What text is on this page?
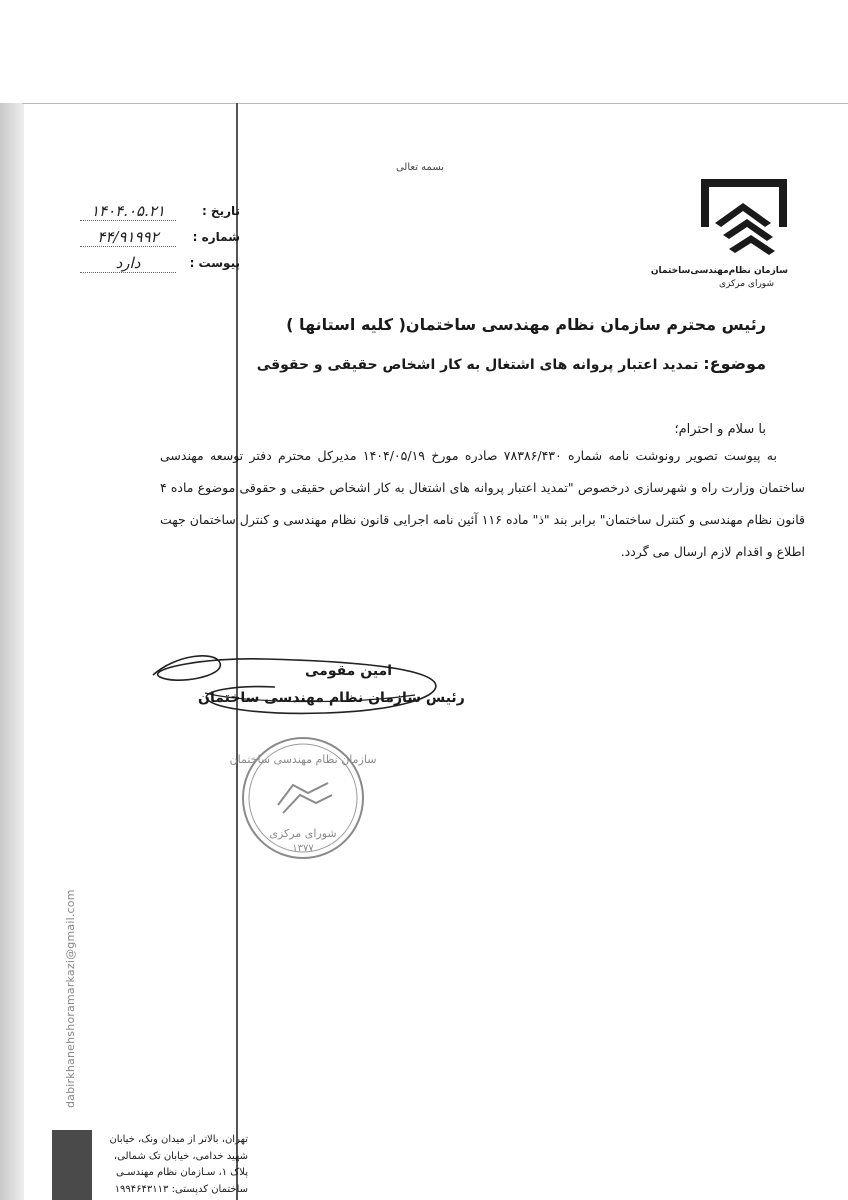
بسمه تعالی
سازمان نظام‌مهندسی‌ساختمان
شورای مرکزی
تاریخ :
۱۴۰۴.۰۵.۲۱
شماره :
۴۴/۹۱۹۹۲
پیوست :
دارد
رئیس محترم سازمان نظام مهندسی ساختمان( کلیه استانها )
موضوع: تمدید اعتبار پروانه های اشتغال به کار اشخاص حقیقی و حقوقی
با سلام و احترام؛

به پیوست تصویر رونوشت نامه شماره ۷۸۳۸۶/۴۳۰ صادره مورخ ۱۴۰۴/۰۵/۱۹ مدیرکل محترم دفتر توسعه مهندسی ساختمان وزارت راه و شهرسازی درخصوص "تمدید اعتبار پروانه های اشتغال به کار اشخاص حقیقی و حقوقی موضوع ماده ۴ قانون نظام مهندسی و کنترل ساختمان" برابر بند "ذ" ماده ۱۱۶ آئین نامه اجرایی قانون نظام مهندسی و کنترل ساختمان جهت اطلاع و اقدام لازم ارسال می گردد.

امین مقومی
رئیس سازمان نظام مهندسی ساختمان
سازمان نظام مهندسی ساختمان
شورای مرکزی
۱۳۷۷
dabirkhanehshoramarkazi@gmail.com
تهران، بالاتر از میدان ونک، خیابان
شهید خدامی، خیابان تک شمالی،
پلاک ۱، سـازمان نظام مهندسـی
ساختمان کدپستی: ۱۹۹۴۶۴۳۱۱۳
